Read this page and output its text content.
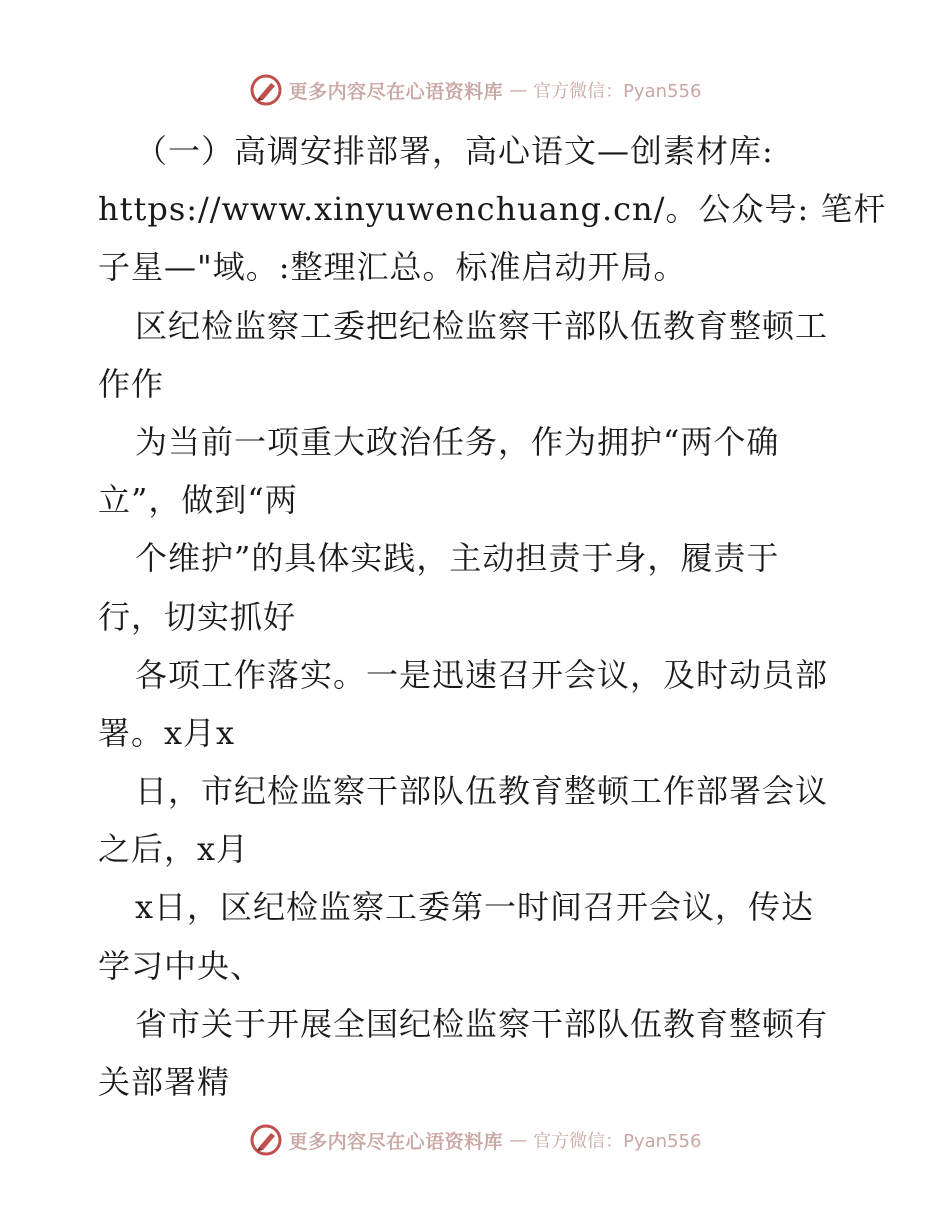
更多内容尽在心语资料库 — 官方微信：Pyan556
（一）高调安排部署，高心语文—创素材库:
https://www.xinyuwenchuang.cn/。公众号: 笔杆
子星—"域。:整理汇总。标准启动开局。
区纪检监察工委把纪检监察干部队伍教育整顿工
作作
为当前一项重大政治任务，作为拥护“两个确
立”，做到“两
个维护”的具体实践，主动担责于身，履责于
行，切实抓好
各项工作落实。一是迅速召开会议，及时动员部
署。x月x
日，市纪检监察干部队伍教育整顿工作部署会议
之后，x月
x日，区纪检监察工委第一时间召开会议，传达
学习中央、
省市关于开展全国纪检监察干部队伍教育整顿有
关部署精
更多内容尽在心语资料库 — 官方微信：Pyan556
